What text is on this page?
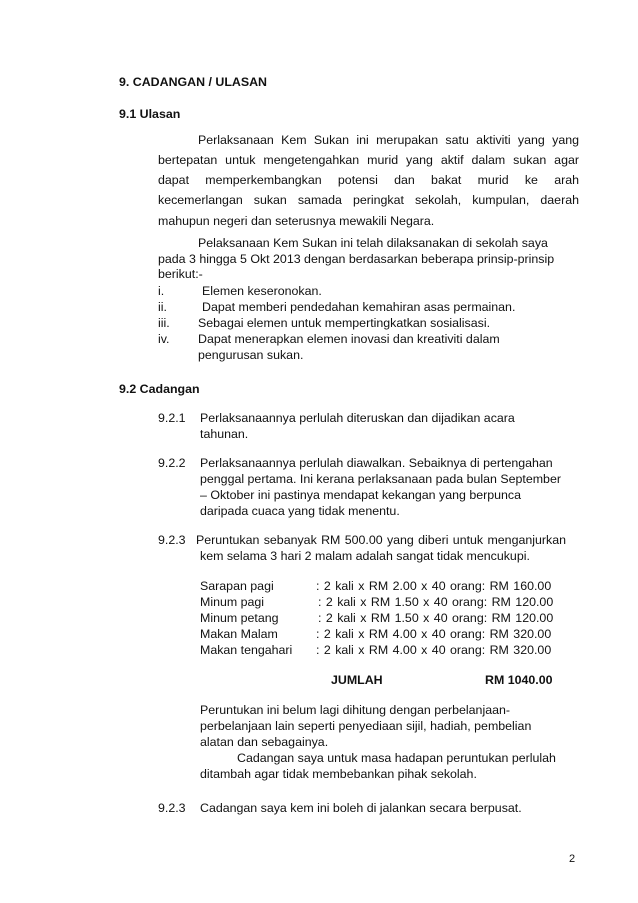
9. CADANGAN / ULASAN
9.1 Ulasan
Perlaksanaan Kem Sukan ini merupakan satu aktiviti yang yang
bertepatan untuk mengetengahkan murid yang aktif dalam sukan agar
dapat memperkembangkan potensi dan bakat murid ke arah
kecemerlangan sukan samada peringkat sekolah, kumpulan, daerah
mahupun negeri dan seterusnya mewakili Negara.
Pelaksanaan Kem Sukan ini telah dilaksanakan di sekolah saya
pada 3 hingga 5 Okt 2013 dengan berdasarkan beberapa prinsip-prinsip
berikut:-
i.	Elemen keseronokan.
ii.	Dapat memberi pendedahan kemahiran asas permainan.
iii. Sebagai elemen untuk mempertingkatkan sosialisasi.
iv. Dapat menerapkan elemen inovasi dan kreativiti dalam
pengurusan sukan.
9.2 Cadangan
9.2.1 Perlaksanaannya perlulah diteruskan dan dijadikan acara
tahunan.
9.2.2 Perlaksanaannya perlulah diawalkan. Sebaiknya di pertengahan
penggal pertama. Ini kerana perlaksanaan pada bulan September
– Oktober ini pastinya mendapat kekangan yang berpunca
daripada cuaca yang tidak menentu.
9.2.3 Peruntukan sebanyak RM 500.00 yang diberi untuk menganjurkan
kem selama 3 hari 2 malam adalah sangat tidak mencukupi.
Sarapan pagi	: 2 kali x RM 2.00 x 40 orang: RM 160.00
Minum pagi	: 2 kali x RM 1.50 x 40 orang: RM 120.00
Minum petang	: 2 kali x RM 1.50 x 40 orang: RM 120.00
Makan Malam	: 2 kali x RM 4.00 x 40 orang: RM 320.00
Makan tengahari : 2 kali x RM 4.00 x 40 orang: RM 320.00
JUMLAH	RM 1040.00
Peruntukan ini belum lagi dihitung dengan perbelanjaan-
perbelanjaan lain seperti penyediaan sijil, hadiah, pembelian
alatan dan sebagainya.
Cadangan saya untuk masa hadapan peruntukan perlulah
ditambah agar tidak membebankan pihak sekolah.
9.2.3 Cadangan saya kem ini boleh di jalankan secara berpusat.
2
